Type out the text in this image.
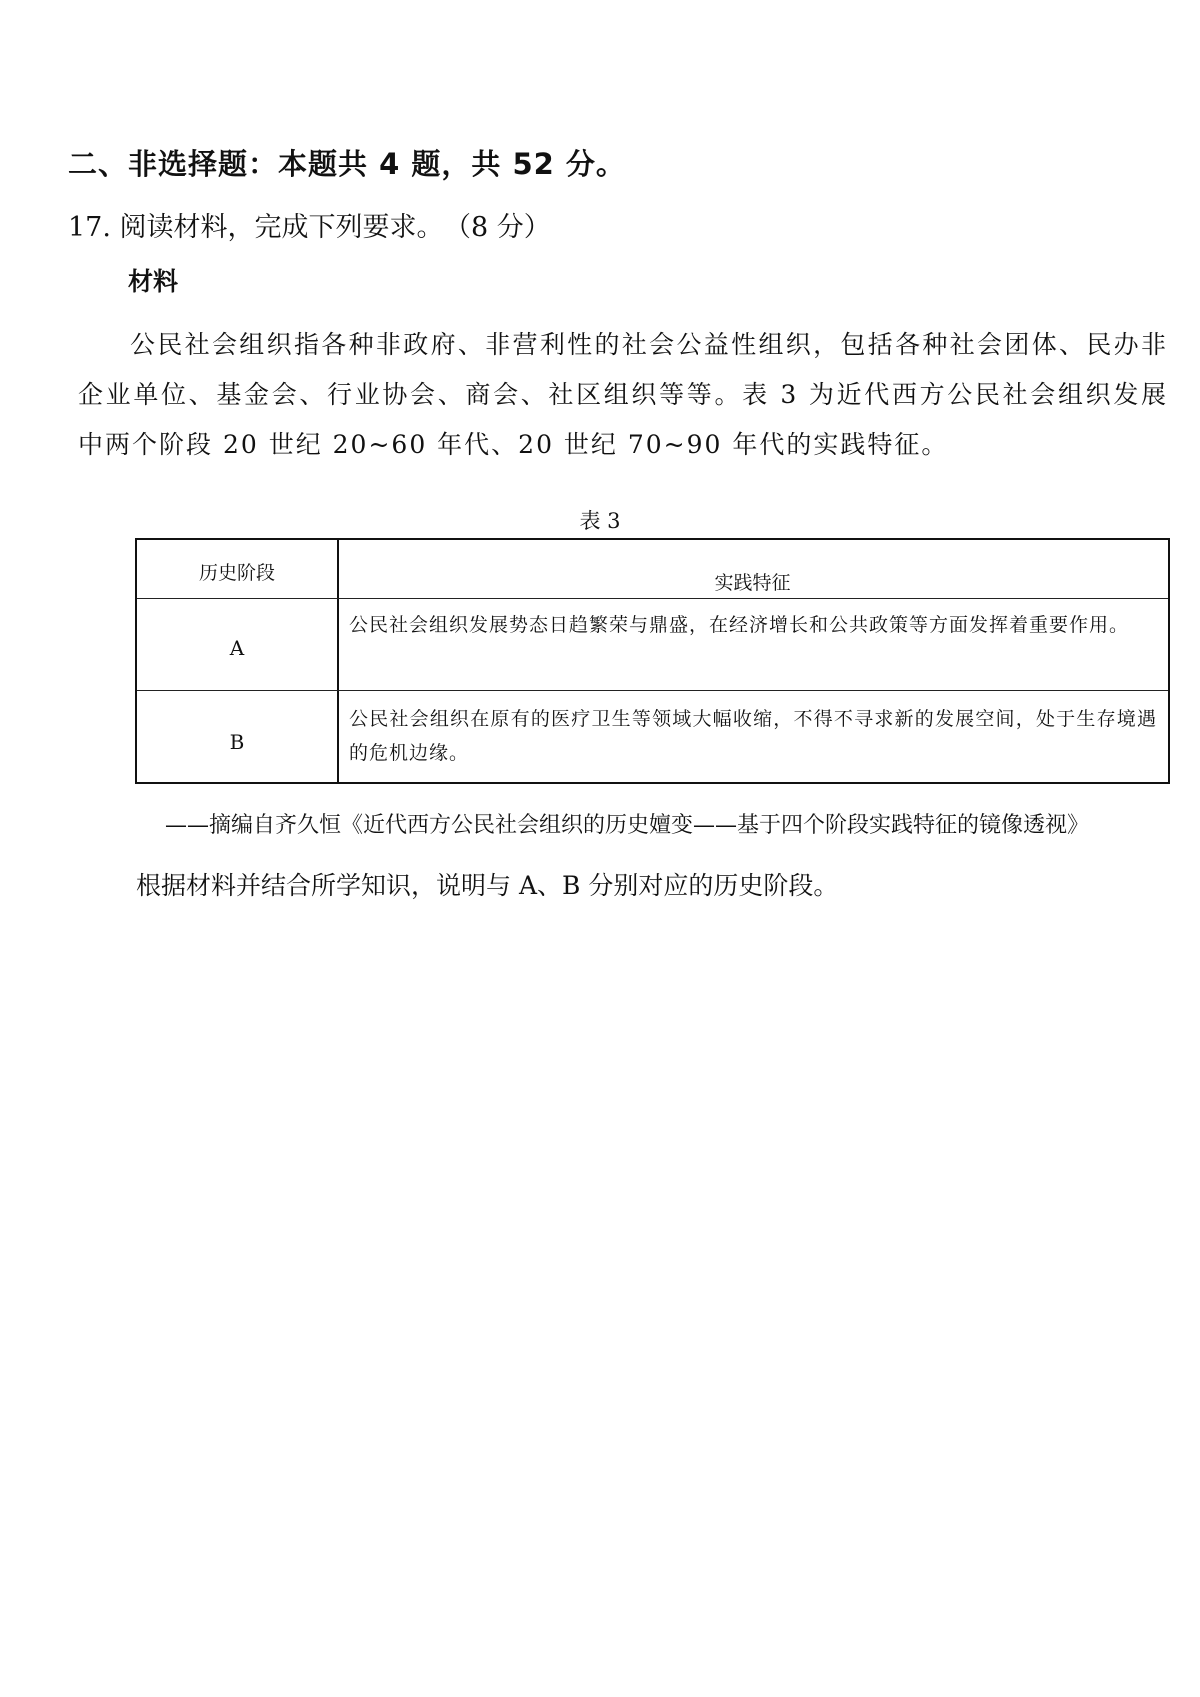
二、非选择题：本题共 4 题，共 52 分。
17. 阅读材料，完成下列要求。 （8 分）
材料
公民社会组织指各种非政府、非营利性的社会公益性组织，包括各种社会团体、民办非企业单位、基金会、行业协会、商会、社区组织等等。表 3 为近代西方公民社会组织发展中两个阶段 20 世纪 20~60 年代、20 世纪 70~90 年代的实践特征。
表 3
历史阶段	实践特征
A
公民社会组织发展势态日趋繁荣与鼎盛，在经济增长和公共政策等方面发挥着重要作用。
B
公民社会组织在原有的医疗卫生等领域大幅收缩，不得不寻求新的发展空间，处于生存境遇的危机边缘。
——摘编自齐久恒《近代西方公民社会组织的历史嬗变——基于四个阶段实践特征的镜像透视》
根据材料并结合所学知识，说明与 A、B 分别对应的历史阶段。
